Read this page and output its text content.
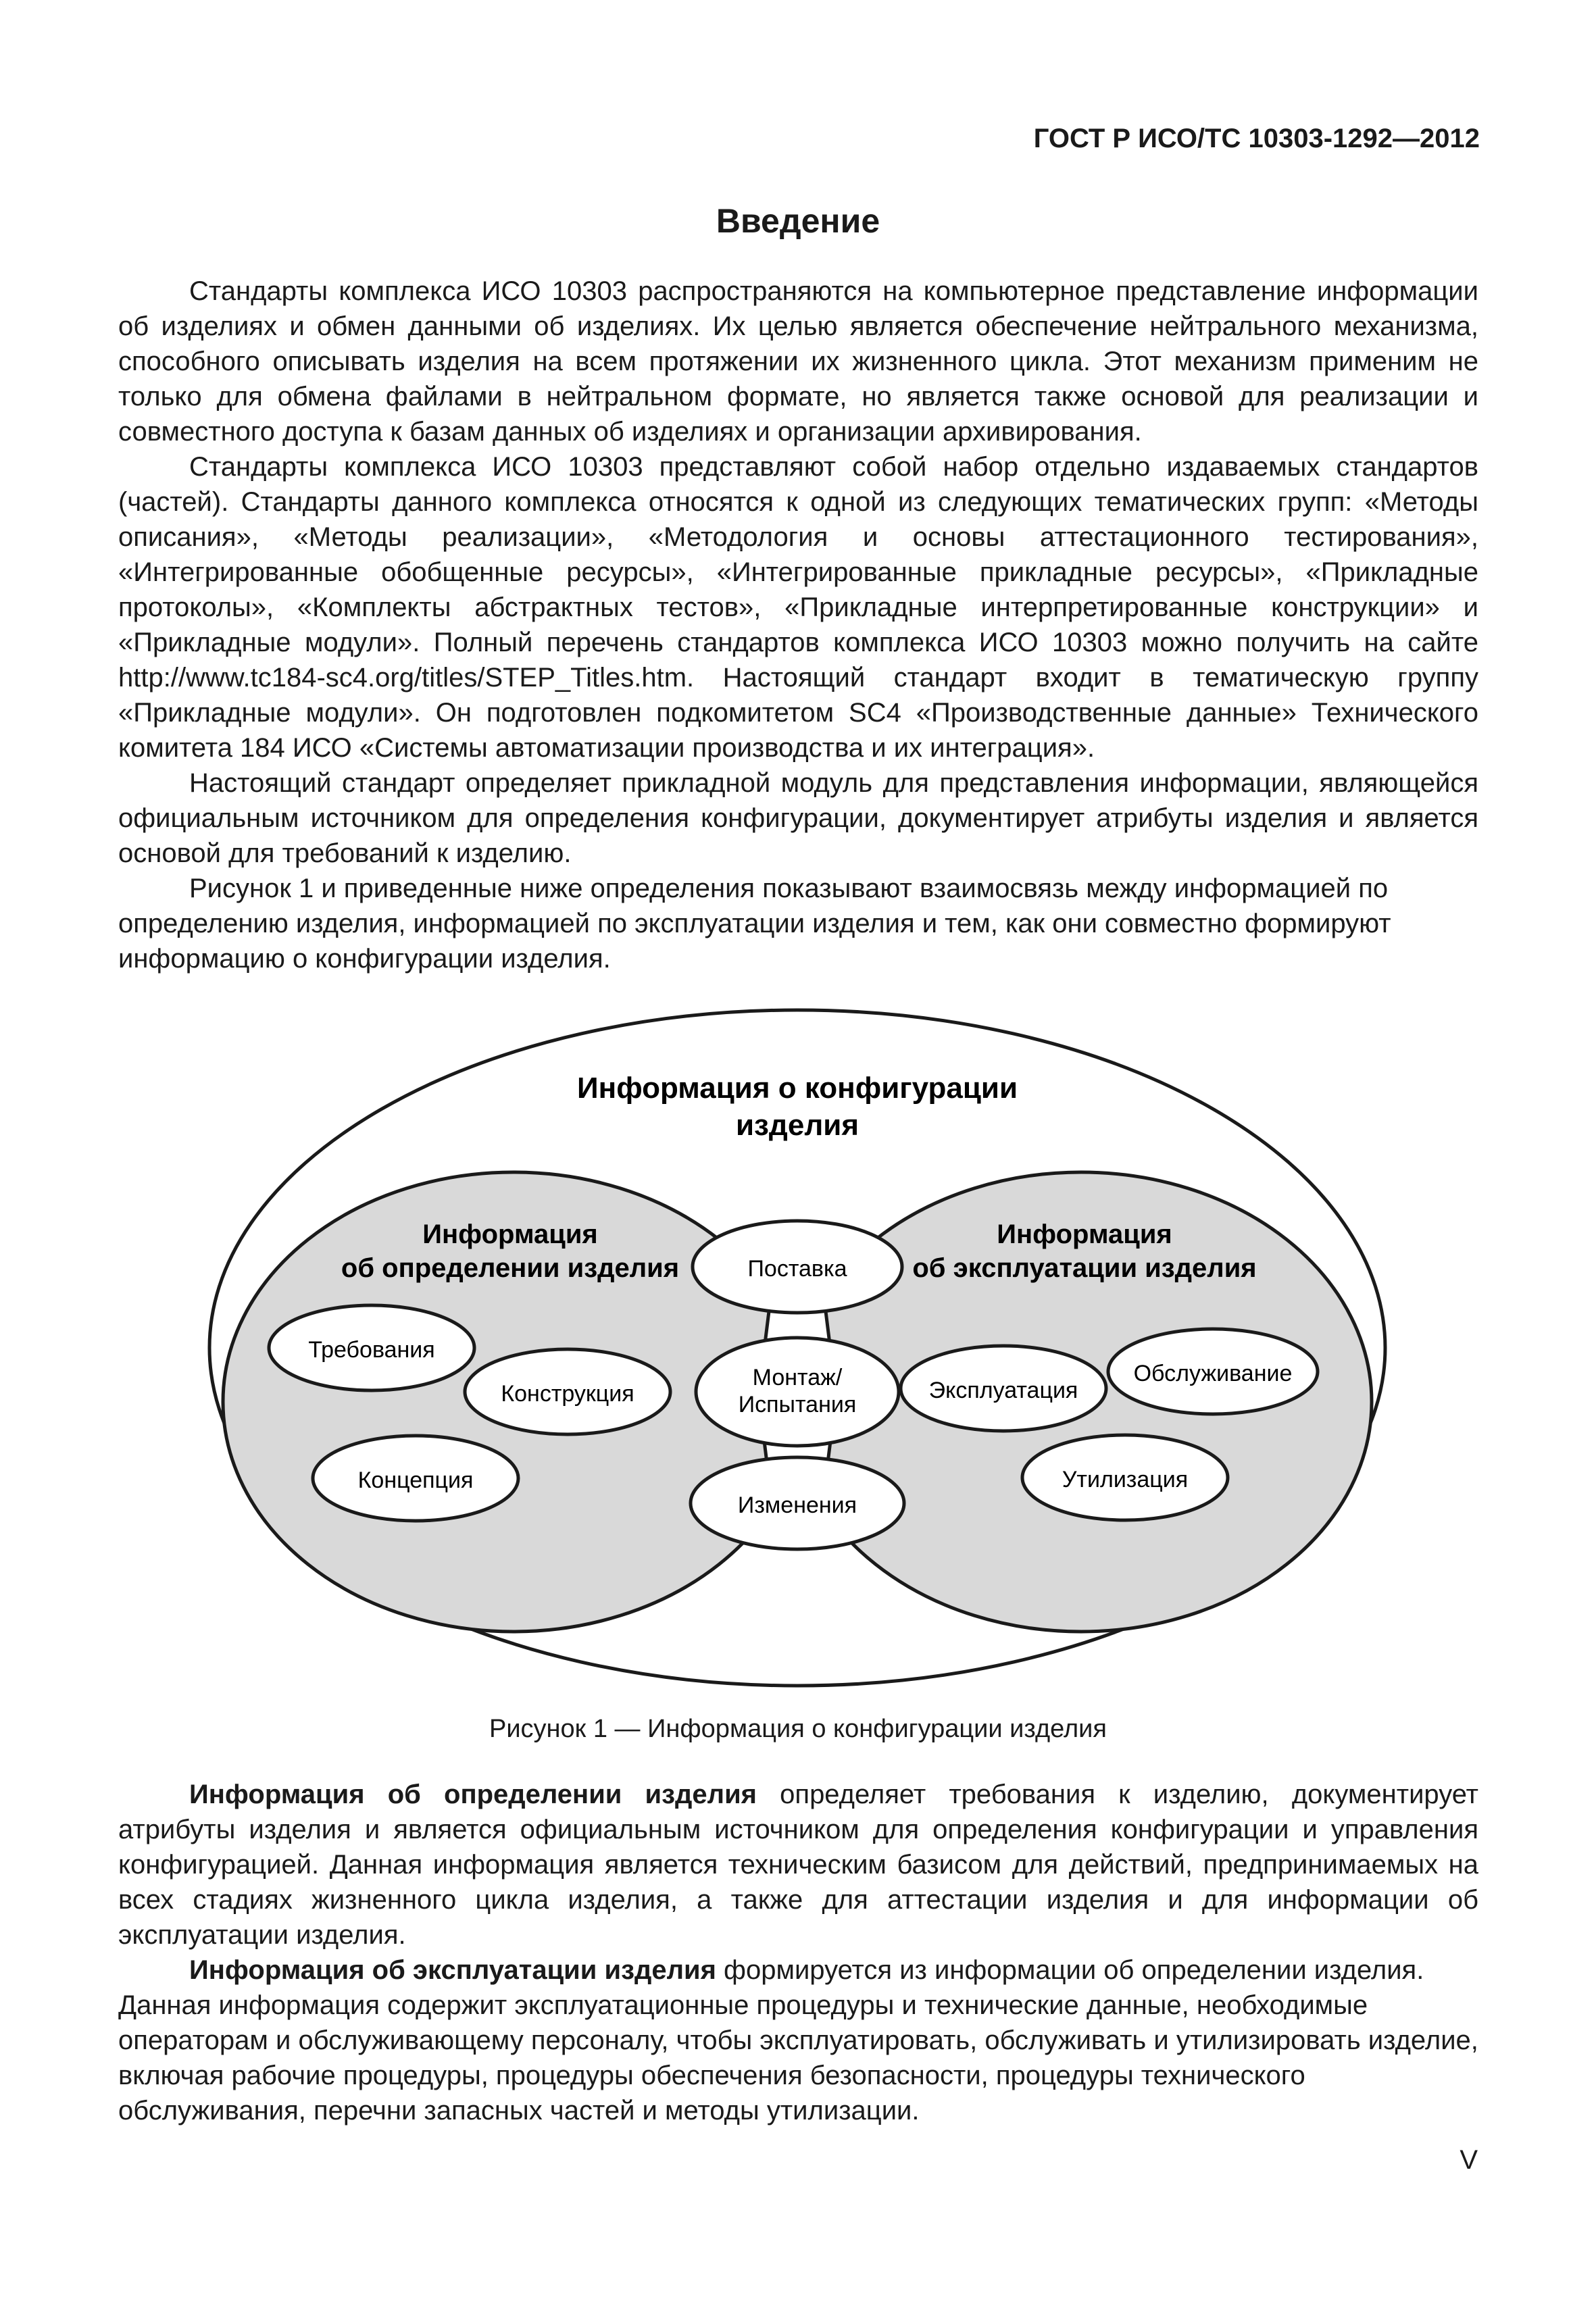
ГОСТ Р ИСО/ТС 10303-1292—2012
Введение

Стандарты комплекса ИСО 10303 распространяются на компьютерное представление информации об изделиях и обмен данными об изделиях. Их целью является обеспечение нейтрального механизма, способного описывать изделия на всем протяжении их жизненного цикла. Этот механизм применим не только для обмена файлами в нейтральном формате, но является также основой для реализации и совместного доступа к базам данных об изделиях и организации архивирования.

Стандарты комплекса ИСО 10303 представляют собой набор отдельно издаваемых стандартов (частей). Стандарты данного комплекса относятся к одной из следующих тематических групп: «Методы описания», «Методы реализации», «Методология и основы аттестационного тестирования», «Интегрированные обобщенные ресурсы», «Интегрированные прикладные ресурсы», «Прикладные протоколы», «Комплекты абстрактных тестов», «Прикладные интерпретированные конструкции» и «Прикладные модули». Полный перечень стандартов комплекса ИСО 10303 можно получить на сайте http://www.tc184-sc4.org/titles/STEP_Titles.htm. Настоящий стандарт входит в тематическую группу «Прикладные модули». Он подготовлен подкомитетом SC4 «Производственные данные» Технического комитета 184 ИСО «Системы автоматизации производства и их интеграция».

Настоящий стандарт определяет прикладной модуль для представления информации, являющейся официальным источником для определения конфигурации, документирует атрибуты изделия и является основой для требований к изделию.

Рисунок 1 и приведенные ниже определения показывают взаимосвязь между информацией по определению изделия, информацией по эксплуатации изделия и тем, как они совместно формируют информацию о конфигурации изделия.

Информация о конфигурации
изделия
Информация
об определении изделия
Информация
об эксплуатации изделия
Требования
Конструкция
Концепция
Поставка
Монтаж/
Испытания
Изменения
Эксплуатация
Обслуживание
Утилизация
Рисунок 1 — Информация о конфигурации изделия

Информация об определении изделия определяет требования к изделию, документирует атрибуты изделия и является официальным источником для определения конфигурации и управления конфигурацией. Данная информация является техническим базисом для действий, предпринимаемых на всех стадиях жизненного цикла изделия, а также для аттестации изделия и для информации об эксплуатации изделия.

Информация об эксплуатации изделия формируется из информации об определении изделия. Данная информация содержит эксплуатационные процедуры и технические данные, необходимые операторам и обслуживающему персоналу, чтобы эксплуатировать, обслуживать и утилизировать изделие, включая рабочие процедуры, процедуры обеспечения безопасности, процедуры технического обслуживания, перечни запасных частей и методы утилизации.

V
